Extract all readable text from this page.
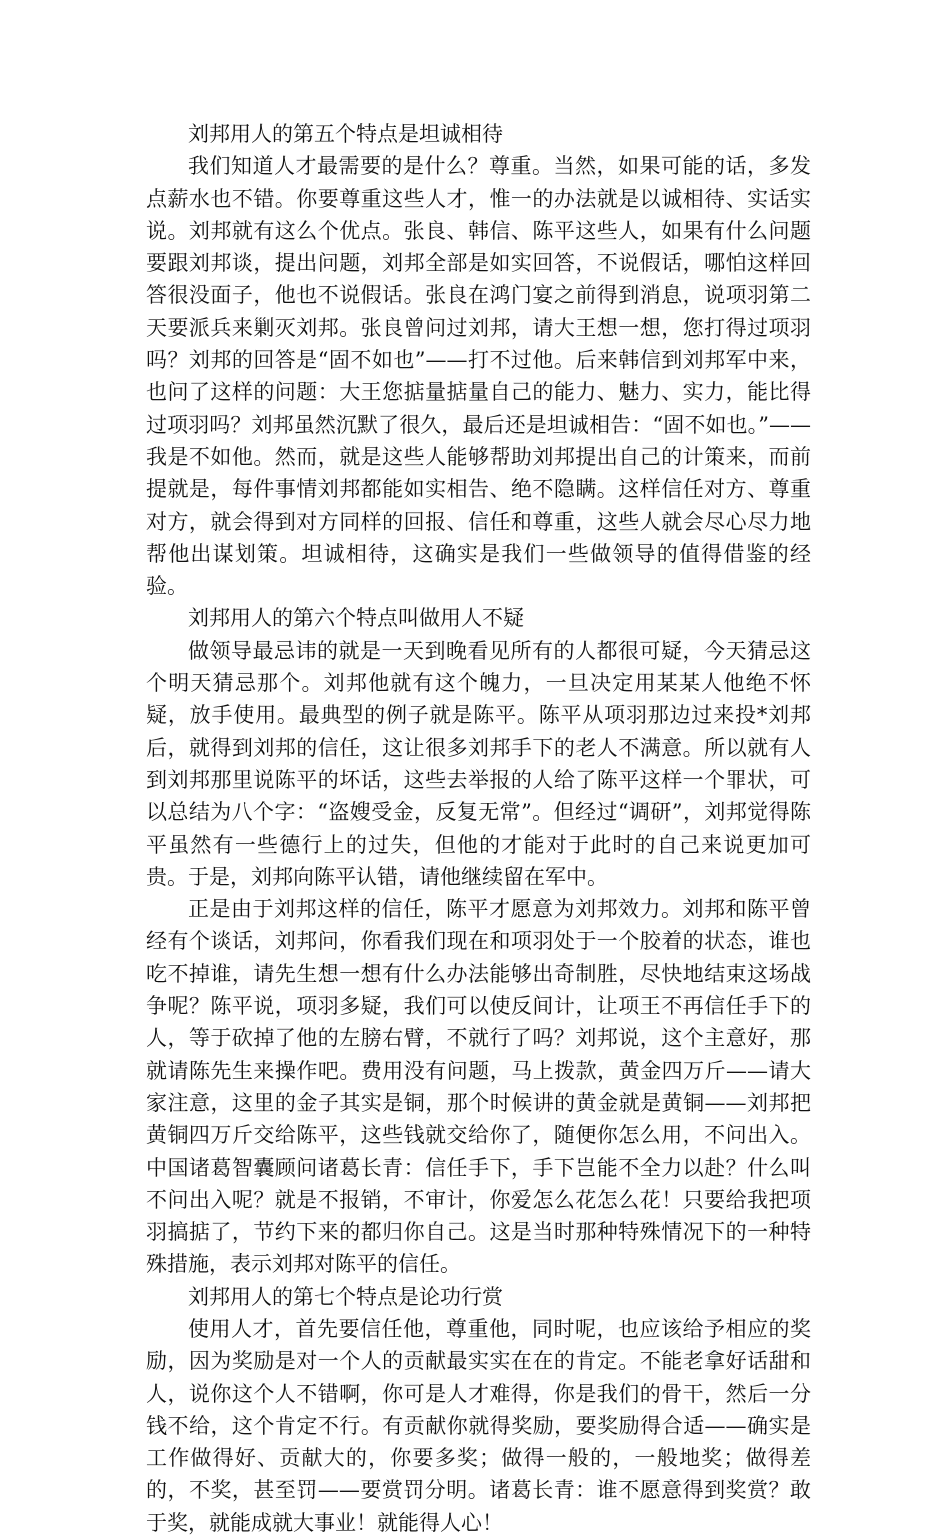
刘邦用人的第五个特点是坦诚相待

我们知道人才最需要的是什么？尊重。当然，如果可能的话，多发点薪水也不错。你要尊重这些人才，惟一的办法就是以诚相待、实话实说。刘邦就有这么个优点。张良、韩信、陈平这些人，如果有什么问题要跟刘邦谈，提出问题，刘邦全部是如实回答，不说假话，哪怕这样回答很没面子，他也不说假话。张良在鸿门宴之前得到消息，说项羽第二天要派兵来剿灭刘邦。张良曾问过刘邦，请大王想一想，您打得过项羽吗？刘邦的回答是“固不如也”——打不过他。后来韩信到刘邦军中来，也问了这样的问题：大王您掂量掂量自己的能力、魅力、实力，能比得过项羽吗？刘邦虽然沉默了很久，最后还是坦诚相告：“固不如也。”——我是不如他。然而，就是这些人能够帮助刘邦提出自己的计策来，而前提就是，每件事情刘邦都能如实相告、绝不隐瞒。这样信任对方、尊重对方，就会得到对方同样的回报、信任和尊重，这些人就会尽心尽力地帮他出谋划策。坦诚相待，这确实是我们一些做领导的值得借鉴的经验。

刘邦用人的第六个特点叫做用人不疑

做领导最忌讳的就是一天到晚看见所有的人都很可疑，今天猜忌这个明天猜忌那个。刘邦他就有这个魄力，一旦决定用某某人他绝不怀疑，放手使用。最典型的例子就是陈平。陈平从项羽那边过来投*刘邦后，就得到刘邦的信任，这让很多刘邦手下的老人不满意。所以就有人到刘邦那里说陈平的坏话，这些去举报的人给了陈平这样一个罪状，可以总结为八个字：“盗嫂受金，反复无常”。但经过“调研”，刘邦觉得陈平虽然有一些德行上的过失，但他的才能对于此时的自己来说更加可贵。于是，刘邦向陈平认错，请他继续留在军中。

正是由于刘邦这样的信任，陈平才愿意为刘邦效力。刘邦和陈平曾经有个谈话，刘邦问，你看我们现在和项羽处于一个胶着的状态，谁也吃不掉谁，请先生想一想有什么办法能够出奇制胜，尽快地结束这场战争呢？陈平说，项羽多疑，我们可以使反间计，让项王不再信任手下的人，等于砍掉了他的左膀右臂，不就行了吗？刘邦说，这个主意好，那就请陈先生来操作吧。费用没有问题，马上拨款，黄金四万斤——请大家注意，这里的金子其实是铜，那个时候讲的黄金就是黄铜——刘邦把黄铜四万斤交给陈平，这些钱就交给你了，随便你怎么用，不问出入。中国诸葛智囊顾问诸葛长青：信任手下，手下岂能不全力以赴？什么叫不问出入呢？就是不报销，不审计，你爱怎么花怎么花！只要给我把项羽搞掂了，节约下来的都归你自己。这是当时那种特殊情况下的一种特殊措施，表示刘邦对陈平的信任。

刘邦用人的第七个特点是论功行赏

使用人才，首先要信任他，尊重他，同时呢，也应该给予相应的奖励，因为奖励是对一个人的贡献最实实在在的肯定。不能老拿好话甜和人，说你这个人不错啊，你可是人才难得，你是我们的骨干，然后一分钱不给，这个肯定不行。有贡献你就得奖励，要奖励得合适——确实是工作做得好、贡献大的，你要多奖；做得一般的，一般地奖；做得差的，不奖，甚至罚——要赏罚分明。诸葛长青：谁不愿意得到奖赏？敢于奖，就能成就大事业！就能得人心！
